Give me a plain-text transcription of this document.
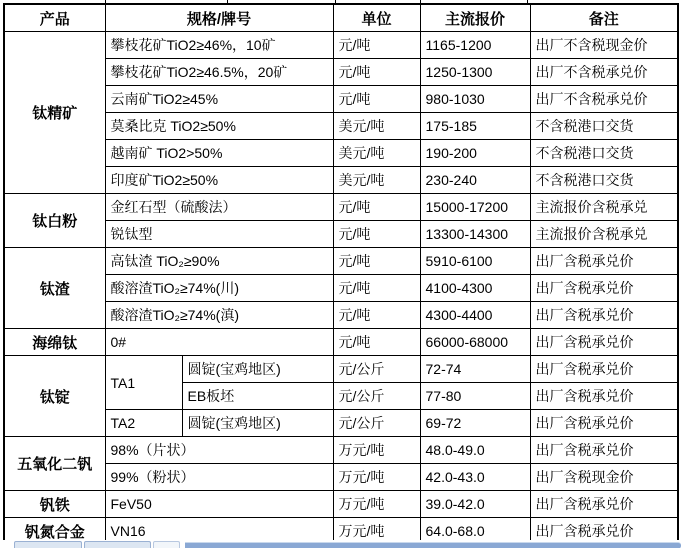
产品	规格/牌号		单位	主流报价	备注
钛精矿	攀枝花矿TiO2≥46%，10矿		元/吨	1165-1200	出厂不含税现金价
	攀枝花矿TiO2≥46.5%，20矿		元/吨	1250-1300	出厂不含税承兑价
	云南矿TiO2≥45%		元/吨	980-1030	出厂不含税承兑价
	莫桑比克 TiO2≥50%		美元/吨	175-185	不含税港口交货
	越南矿 TiO2>50%		美元/吨	190-200	不含税港口交货
	印度矿TiO2≥50%		美元/吨	230-240	不含税港口交货
钛白粉	金红石型（硫酸法）		元/吨	15000-17200	主流报价含税承兑
	锐钛型		元/吨	13300-14300	主流报价含税承兑
钛渣	高钛渣 TiO₂≥90%		元/吨	5910-6100	出厂含税承兑价
	酸溶渣TiO₂≥74%(川)		元/吨	4100-4300	出厂含税承兑价
	酸溶渣TiO₂≥74%(滇)		元/吨	4300-4400	出厂含税承兑价
海绵钛	0#		元/吨	66000-68000	出厂含税承兑价
钛锭	TA1	圆锭(宝鸡地区)	元/公斤	72-74	出厂含税承兑价
		EB板坯	元/公斤	77-80	出厂含税承兑价
	TA2	圆锭(宝鸡地区)	元/公斤	69-72	出厂含税承兑价
五氧化二钒	98%（片状）		万元/吨	48.0-49.0	出厂含税承兑价
	99%（粉状）		万元/吨	42.0-43.0	出厂含税现金价
钒铁	FeV50		万元/吨	39.0-42.0	出厂含税承兑价
钒氮合金	VN16		万元/吨	64.0-68.0	出厂含税承兑价
